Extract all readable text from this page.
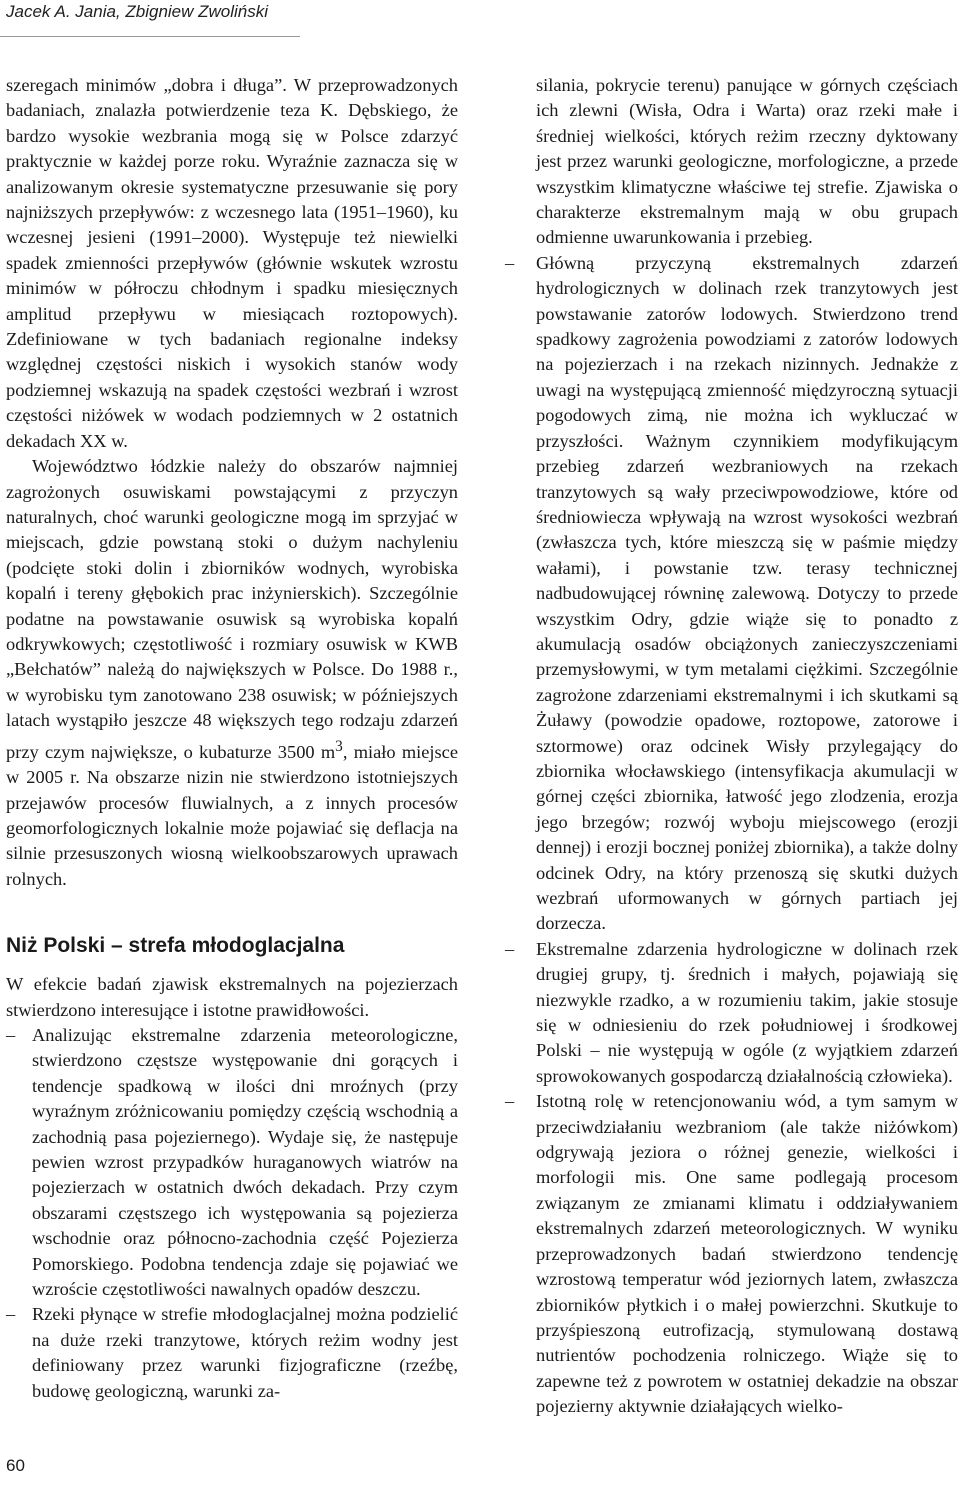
Jacek A. Jania, Zbigniew Zwoliński

szeregach minimów „dobra i długa”. W przeprowadzonych badaniach, znalazła potwierdzenie teza K. Dębskiego, że bardzo wysokie wezbrania mogą się w Polsce zdarzyć praktycznie w każdej porze roku. Wyraźnie zaznacza się w analizowanym okresie systematyczne przesuwanie się pory najniższych przepływów: z wczesnego lata (1951–1960), ku wczesnej jesieni (1991–2000). Występuje też niewielki spadek zmienności przepływów (głównie wskutek wzrostu minimów w półroczu chłodnym i spadku miesięcznych amplitud przepływu w miesiącach roztopowych). Zdefiniowane w tych badaniach regionalne indeksy względnej częstości niskich i wysokich stanów wody podziemnej wskazują na spadek częstości wezbrań i wzrost częstości niżówek w wodach podziemnych w 2 ostatnich dekadach XX w.

Województwo łódzkie należy do obszarów najmniej zagrożonych osuwiskami powstającymi z przyczyn naturalnych, choć warunki geologiczne mogą im sprzyjać w miejscach, gdzie powstaną stoki o dużym nachyleniu (podcięte stoki dolin i zbiorników wodnych, wyrobiska kopalń i tereny głębokich prac inżynierskich). Szczególnie podatne na powstawanie osuwisk są wyrobiska kopalń odkrywkowych; częstotliwość i rozmiary osuwisk w KWB „Bełchatów” należą do największych w Polsce. Do 1988 r., w wyrobisku tym zanotowano 238 osuwisk; w późniejszych latach wystąpiło jeszcze 48 większych tego rodzaju zdarzeń przy czym największe, o kubaturze 3500 $m^3$, miało miejsce w 2005 r. Na obszarze nizin nie stwierdzono istotniejszych przejawów procesów fluwialnych, a z innych procesów geomorfologicznych lokalnie może pojawiać się deflacja na silnie przesuszonych wiosną wielkoobszarowych uprawach rolnych.

Niż Polski – strefa młodoglacjalna

W efekcie badań zjawisk ekstremalnych na pojezierzach stwierdzono interesujące i istotne prawidłowości.

– Analizując ekstremalne zdarzenia meteorologiczne, stwierdzono częstsze występowanie dni gorących i tendencje spadkową w ilości dni mroźnych (przy wyraźnym zróżnicowaniu pomiędzy częścią wschodnią a zachodnią pasa pojeziernego). Wydaje się, że następuje pewien wzrost przypadków huraganowych wiatrów na pojezierzach w ostatnich dwóch dekadach. Przy czym obszarami częstszego ich występowania są pojezierza wschodnie oraz północno-zachodnia część Pojezierza Pomorskiego. Podobna tendencja zdaje się pojawiać we wzroście częstotliwości nawalnych opadów deszczu.
– Rzeki płynące w strefie młodoglacjalnej można podzielić na duże rzeki tranzytowe, których reżim wodny jest definiowany przez warunki fizjograficzne (rzeźbę, budowę geologiczną, warunki za-

silania, pokrycie terenu) panujące w górnych częściach ich zlewni (Wisła, Odra i Warta) oraz rzeki małe i średniej wielkości, których reżim rzeczny dyktowany jest przez warunki geologiczne, morfologiczne, a przede wszystkim klimatyczne właściwe tej strefie. Zjawiska o charakterze ekstremalnym mają w obu grupach odmienne uwarunkowania i przebieg.

– Główną przyczyną ekstremalnych zdarzeń hydrologicznych w dolinach rzek tranzytowych jest powstawanie zatorów lodowych. Stwierdzono trend spadkowy zagrożenia powodziami z zatorów lodowych na pojezierzach i na rzekach nizinnych. Jednakże z uwagi na występującą zmienność międzyroczną sytuacji pogodowych zimą, nie można ich wykluczać w przyszłości. Ważnym czynnikiem modyfikującym przebieg zdarzeń wezbraniowych na rzekach tranzytowych są wały przeciwpowodziowe, które od średniowiecza wpływają na wzrost wysokości wezbrań (zwłaszcza tych, które mieszczą się w paśmie między wałami), i powstanie tzw. terasy technicznej nadbudowującej równinę zalewową. Dotyczy to przede wszystkim Odry, gdzie wiąże się to ponadto z akumulacją osadów obciążonych zanieczyszczeniami przemysłowymi, w tym metalami ciężkimi. Szczególnie zagrożone zdarzeniami ekstremalnymi i ich skutkami są Żuławy (powodzie opadowe, roztopowe, zatorowe i sztormowe) oraz odcinek Wisły przylegający do zbiornika włocławskiego (intensyfikacja akumulacji w górnej części zbiornika, łatwość jego zlodzenia, erozja jego brzegów; rozwój wyboju miejscowego (erozji dennej) i erozji bocznej poniżej zbiornika), a także dolny odcinek Odry, na który przenoszą się skutki dużych wezbrań uformowanych w górnych partiach jej dorzecza.
– Ekstremalne zdarzenia hydrologiczne w dolinach rzek drugiej grupy, tj. średnich i małych, pojawiają się niezwykle rzadko, a w rozumieniu takim, jakie stosuje się w odniesieniu do rzek południowej i środkowej Polski – nie występują w ogóle (z wyjątkiem zdarzeń sprowokowanych gospodarczą działalnością człowieka).
– Istotną rolę w retencjonowaniu wód, a tym samym w przeciwdziałaniu wezbraniom (ale także niżówkom) odgrywają jeziora o różnej genezie, wielkości i morfologii mis. One same podlegają procesom związanym ze zmianami klimatu i oddziaływaniem ekstremalnych zdarzeń meteorologicznych. W wyniku przeprowadzonych badań stwierdzono tendencję wzrostową temperatur wód jeziornych latem, zwłaszcza zbiorników płytkich i o małej powierzchni. Skutkuje to przyśpieszoną eutrofizacją, stymulowaną dostawą nutrientów pochodzenia rolniczego. Wiąże się to zapewne też z powrotem w ostatniej dekadzie na obszar pojezierny aktywnie działających wielko-
60
